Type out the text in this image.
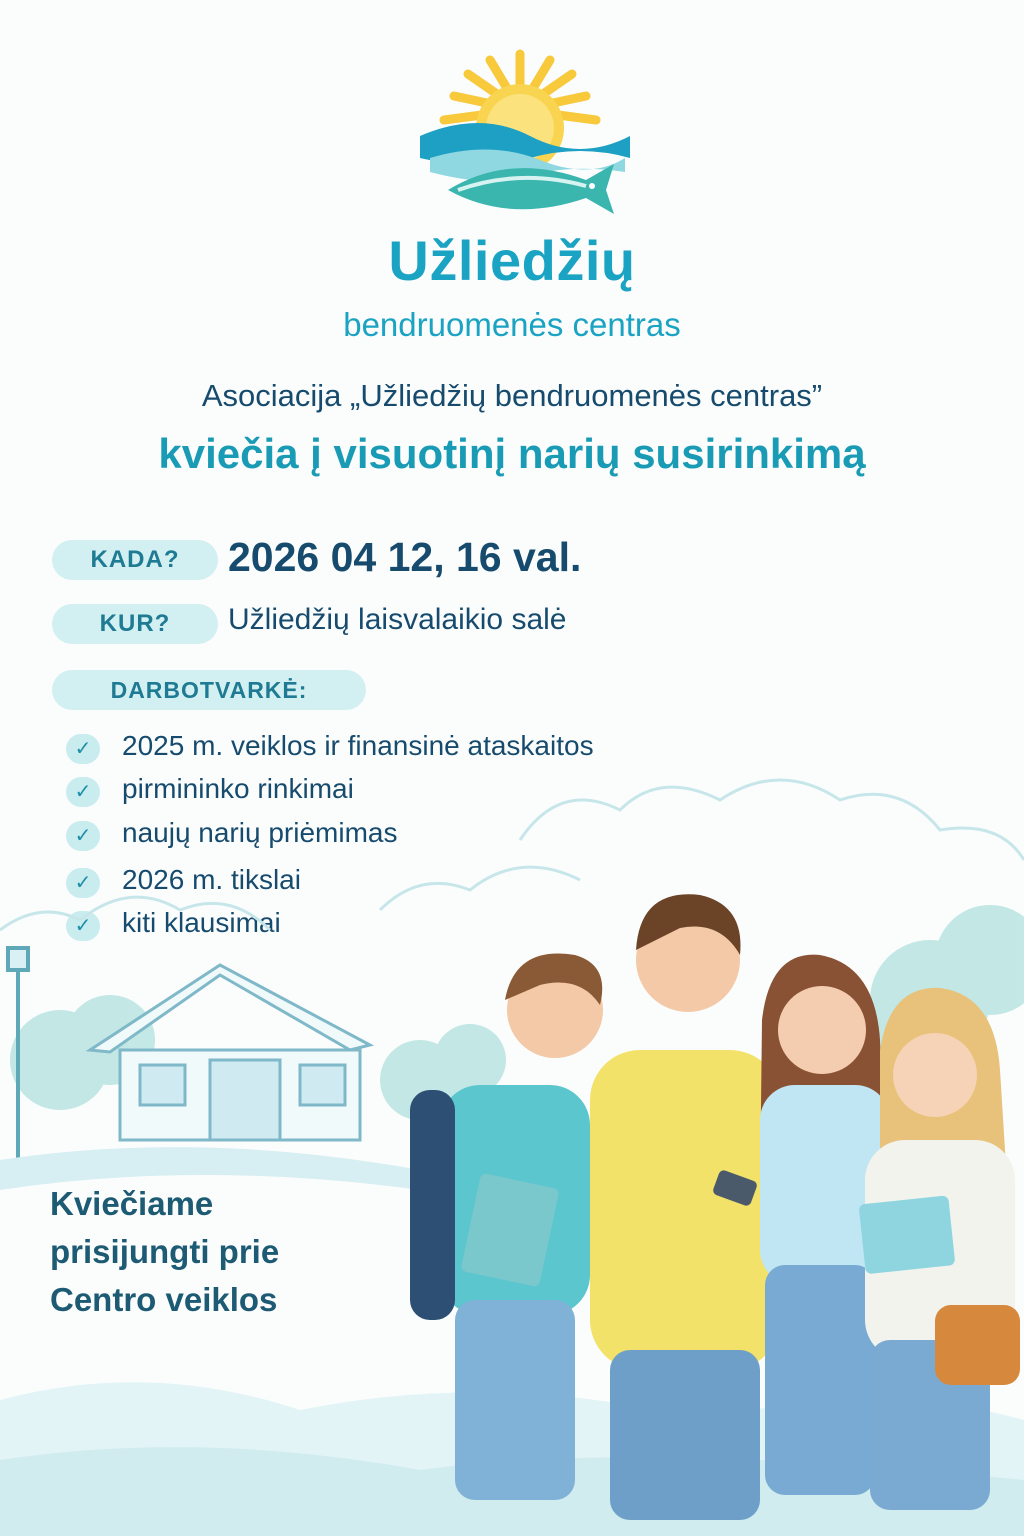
Užliedžių
bendruomenės centras
Asociacija „Užliedžių bendruomenės centras”
kviečia į visuotinį narių susirinkimą
KADA?	2026 04 12, 16 val.
KUR?	Užliedžių laisvalaikio salė
DARBOTVARKĖ:
✓	2025 m. veiklos ir finansinė ataskaitos
✓	pirmininko rinkimai
✓	naujų narių priėmimas
✓	2026 m. tikslai
✓	kiti klausimai
Kviečiame
prisijungti prie
Centro veiklos
